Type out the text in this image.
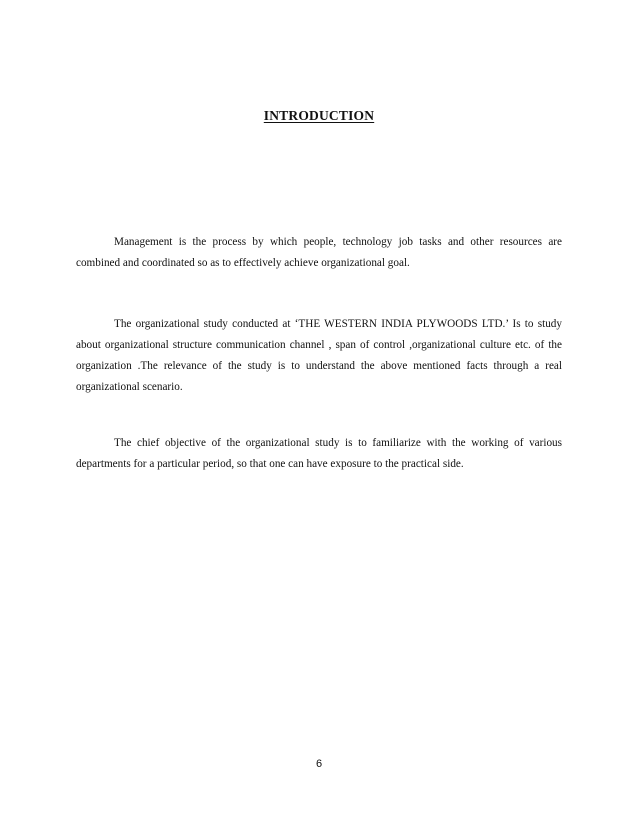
INTRODUCTION

Management is the process by which people, technology job tasks and other resources are combined and coordinated so as to effectively achieve organizational goal.

The organizational study conducted at ‘THE WESTERN INDIA PLYWOODS LTD.’ Is to study about organizational structure communication channel , span of control ,organizational culture etc. of the organization .The relevance of the study is to understand the above mentioned facts through a real organizational scenario.

The chief objective of the organizational study is to familiarize with the working of various departments for a particular period, so that one can have exposure to the practical side.

6
